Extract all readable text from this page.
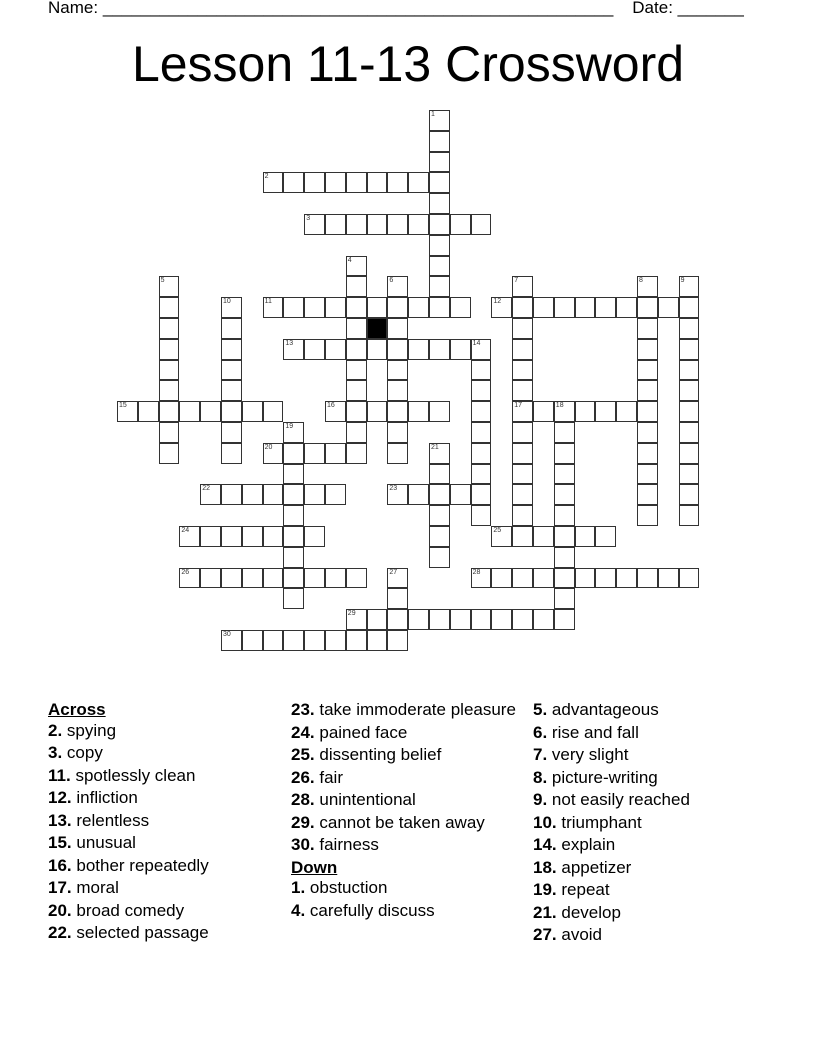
Name: ______________________________________________________ Date: _______
Lesson 11-13 Crossword
2
3
11	12
13	14
15	16	17	18
20
22	23
24	25
26	28
29
30
1
4
5	6	7	8	9
10
19
21
27
Across
2. spying
3. copy
11. spotlessly clean
12. infliction
13. relentless
15. unusual
16. bother repeatedly
17. moral
20. broad comedy
22. selected passage
23. take immoderate pleasure
24. pained face
25. dissenting belief
26. fair
28. unintentional
29. cannot be taken away
30. fairness
Down
1. obstuction
4. carefully discuss
5. advantageous
6. rise and fall
7. very slight
8. picture-writing
9. not easily reached
10. triumphant
14. explain
18. appetizer
19. repeat
21. develop
27. avoid
